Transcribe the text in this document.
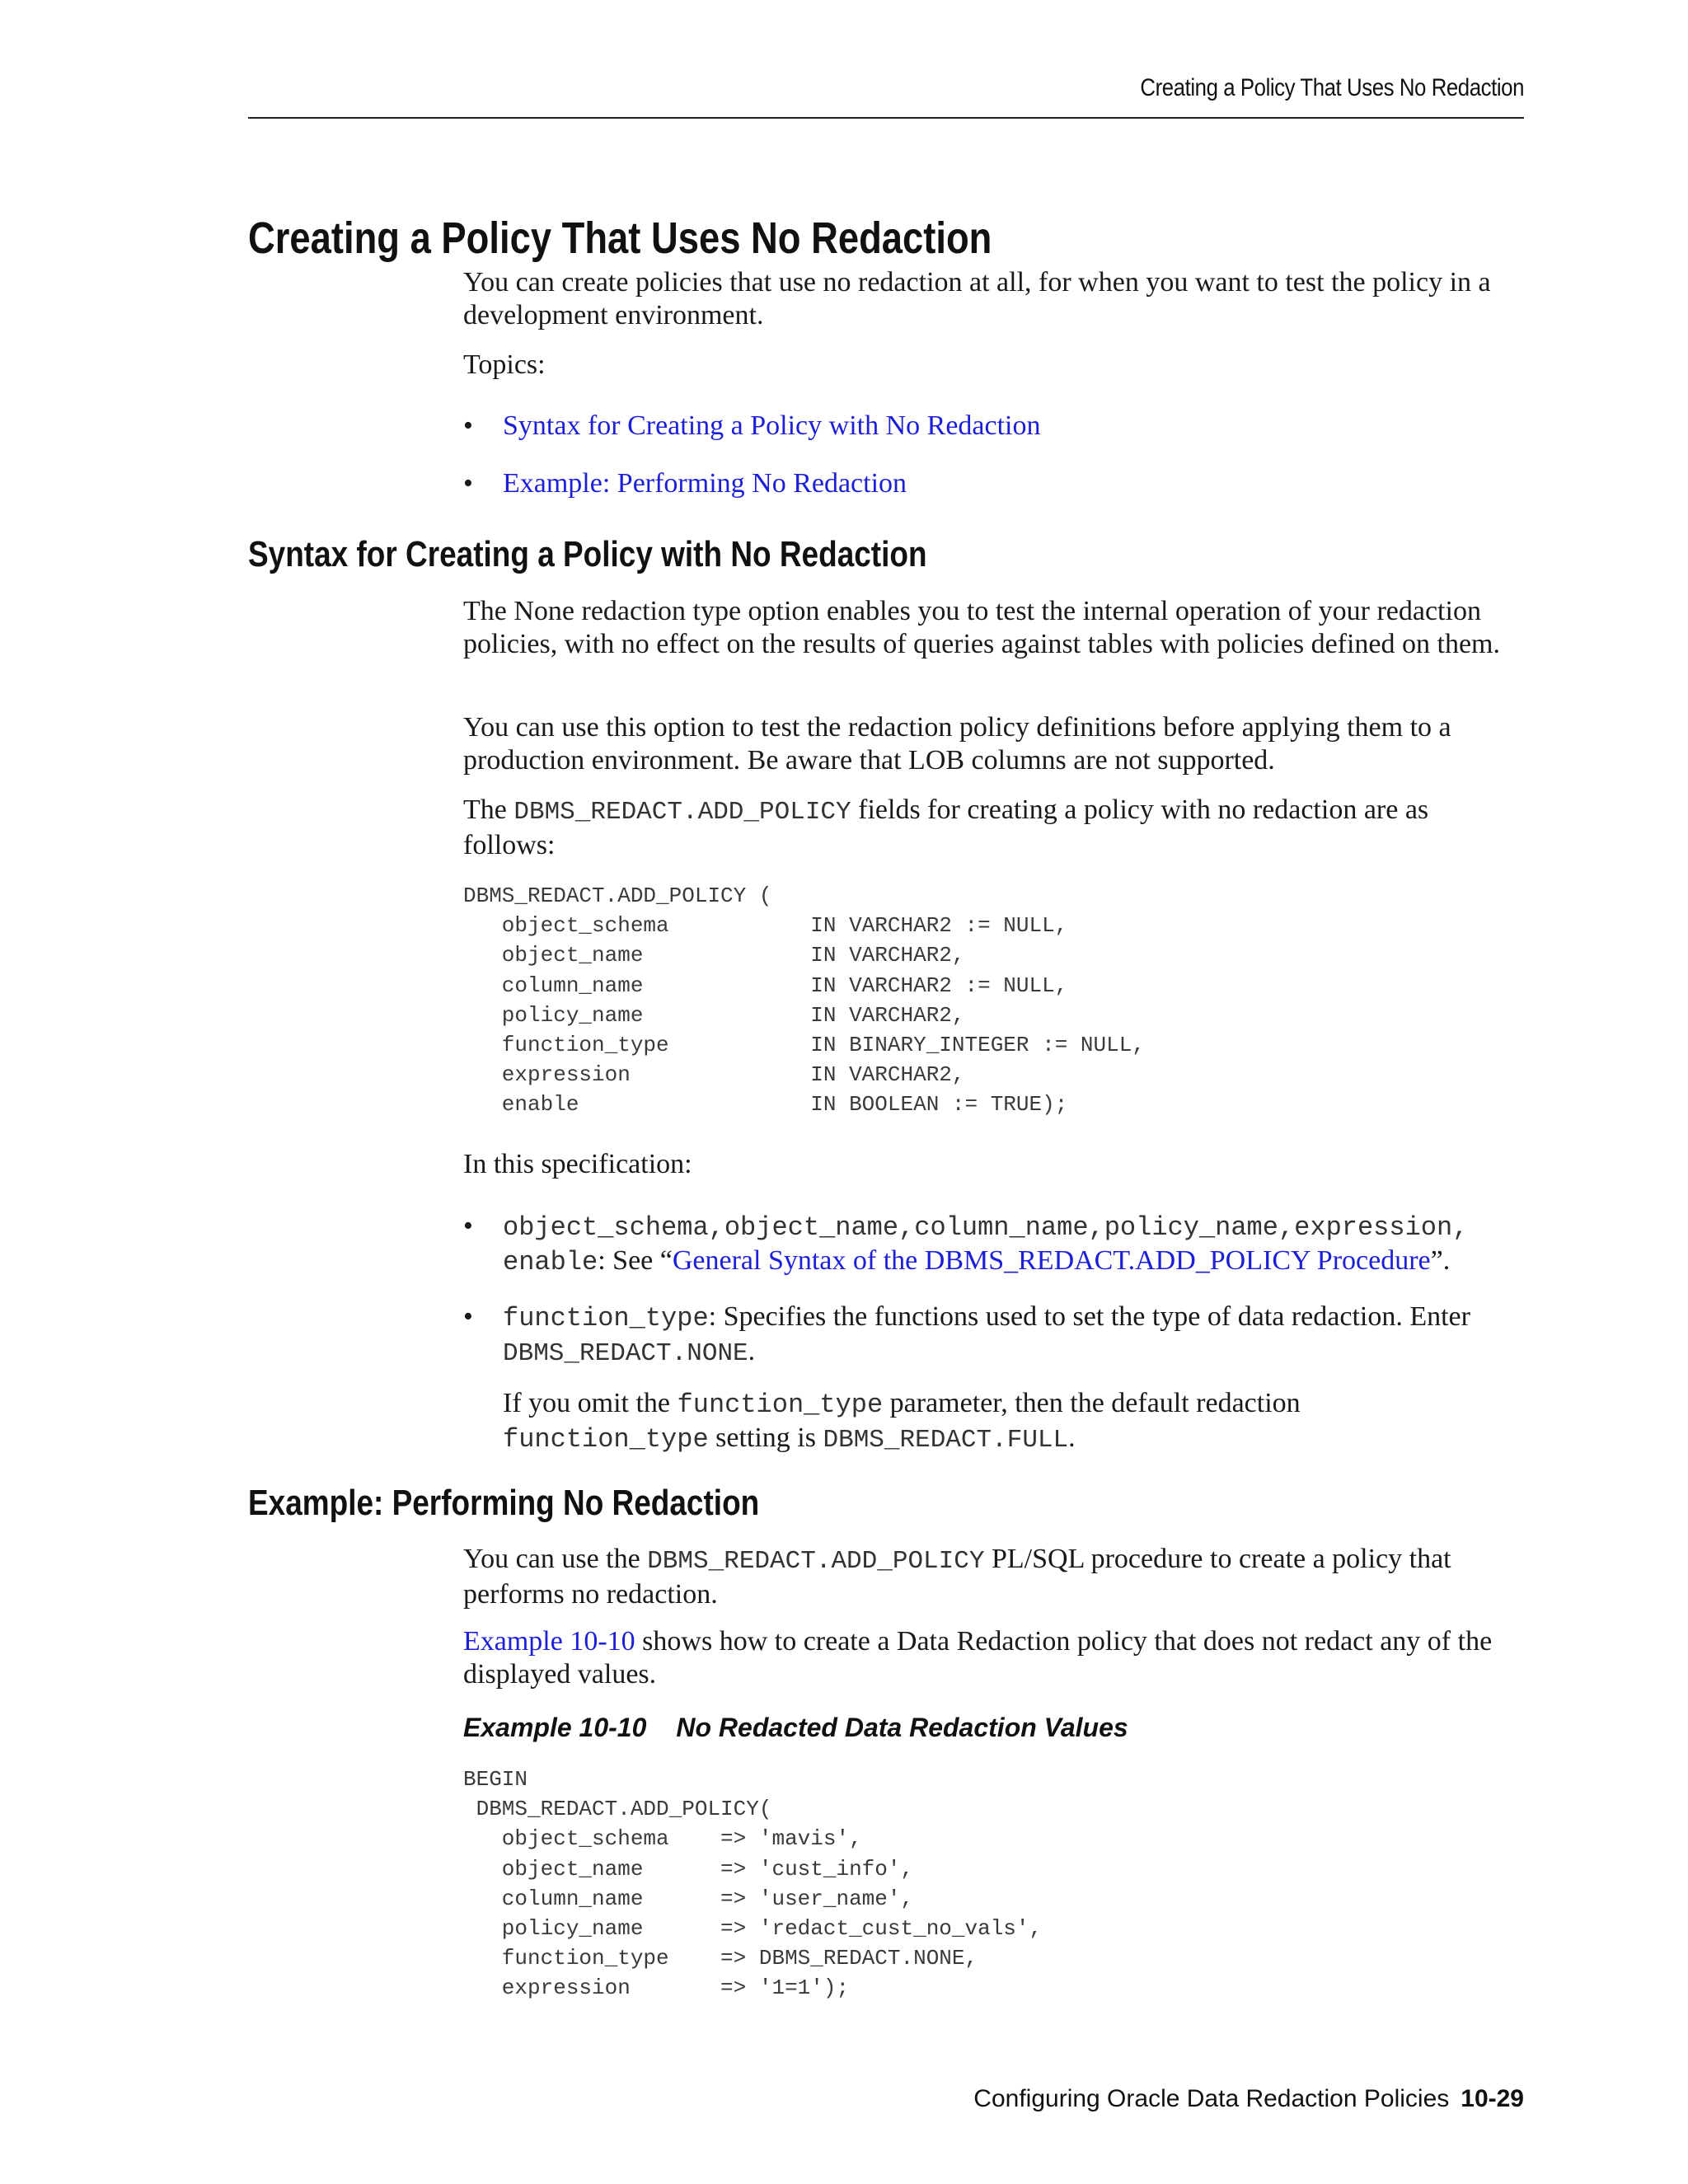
Creating a Policy That Uses No Redaction
Creating a Policy That Uses No Redaction

You can create policies that use no redaction at all, for when you want to test the policy in a development environment.

Topics:

•	Syntax for Creating a Policy with No Redaction
•	Example: Performing No Redaction
Syntax for Creating a Policy with No Redaction

The None redaction type option enables you to test the internal operation of your redaction policies, with no effect on the results of queries against tables with policies defined on them.

You can use this option to test the redaction policy definitions before applying them to a production environment. Be aware that LOB columns are not supported.

The DBMS_REDACT.ADD_POLICY fields for creating a policy with no redaction are as follows:

DBMS_REDACT.ADD_POLICY (
object_schema           IN VARCHAR2 := NULL,
object_name             IN VARCHAR2,
column_name             IN VARCHAR2 := NULL,
policy_name             IN VARCHAR2,
function_type           IN BINARY_INTEGER := NULL,
expression              IN VARCHAR2,
enable                  IN BOOLEAN := TRUE);

In this specification:

•	object_schema,object_name,column_name,policy_name,expression,
enable: See “General Syntax of the DBMS_REDACT.ADD_POLICY Procedure”.
•	function_type: Specifies the functions used to set the type of data redaction. Enter DBMS_REDACT.NONE.
If you omit the function_type parameter, then the default redaction
function_type setting is DBMS_REDACT.FULL.
Example: Performing No Redaction

You can use the DBMS_REDACT.ADD_POLICY PL/SQL procedure to create a policy that performs no redaction.

Example 10-10 shows how to create a Data Redaction policy that does not redact any of the displayed values.

Example 10-10 No Redacted Data Redaction Values
BEGIN
DBMS_REDACT.ADD_POLICY(
object_schema    => 'mavis',
object_name      => 'cust_info',
column_name      => 'user_name',
policy_name      => 'redact_cust_no_vals',
function_type    => DBMS_REDACT.NONE,
expression       => '1=1');
Configuring Oracle Data Redaction Policies 10-29
